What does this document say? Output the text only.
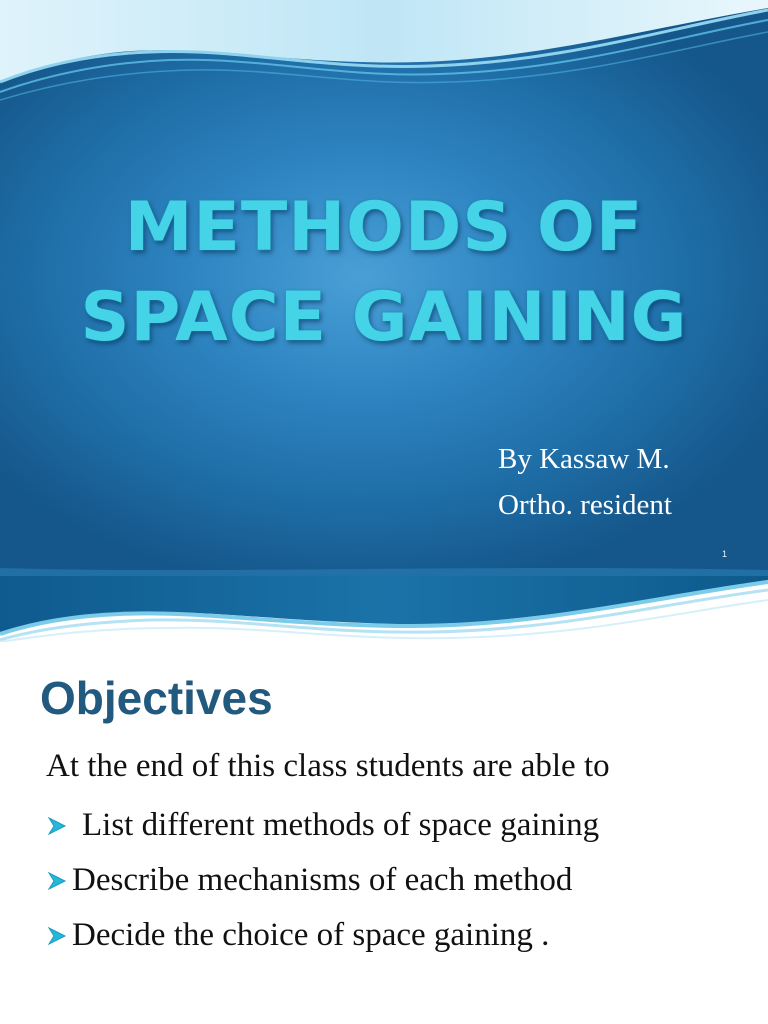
METHODS OF
SPACE GAINING
By Kassaw M.
Ortho. resident
1
Objectives
At the end of this class students are able to
List different methods of space gaining
Describe mechanisms of each method
Decide the choice of space gaining .
